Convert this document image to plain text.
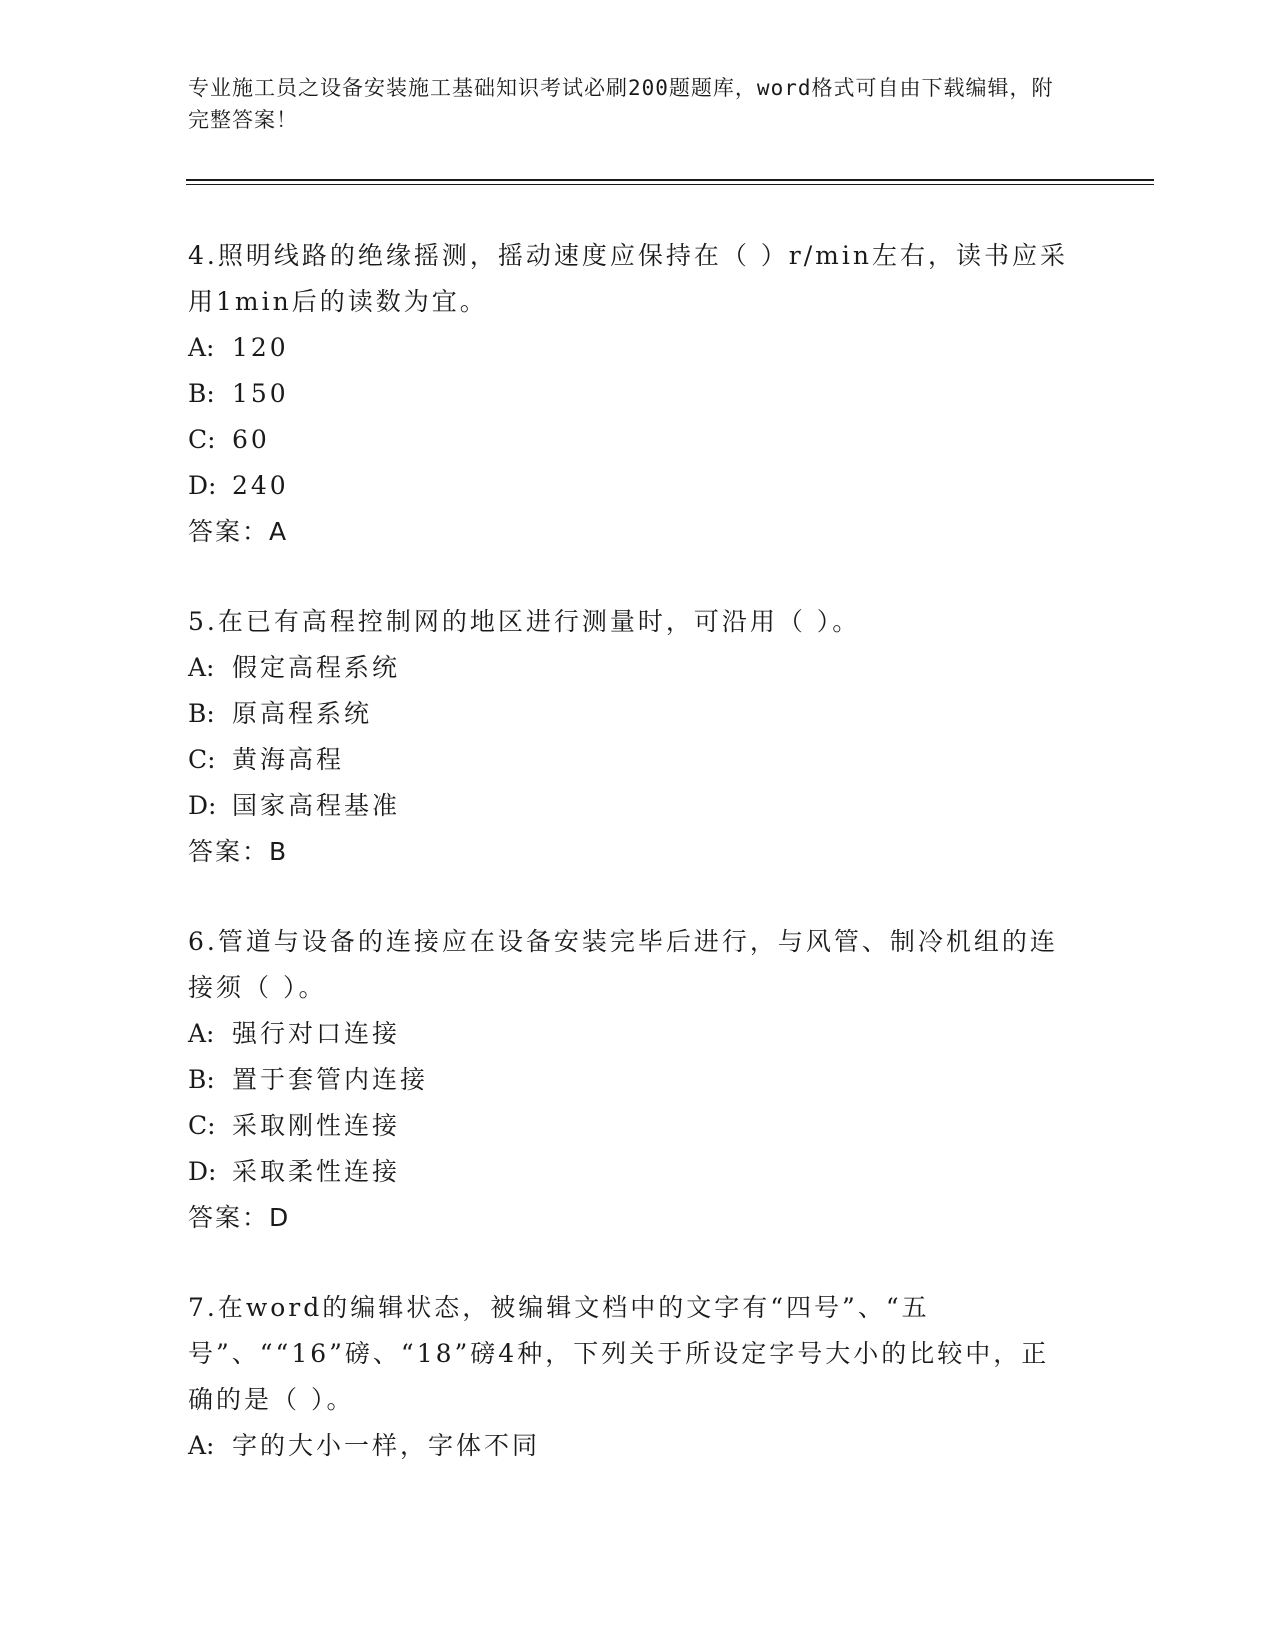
专业施工员之设备安装施工基础知识考试必刷200题题库，word格式可自由下载编辑，附完整答案！
4.照明线路的绝缘摇测，摇动速度应保持在（ ）r/min左右，读书应采用1min后的读数为宜。
A: 120
B: 150
C: 60
D: 240
答案：A
5.在已有高程控制网的地区进行测量时，可沿用（ ）。
A: 假定高程系统
B: 原高程系统
C: 黄海高程
D: 国家高程基准
答案：B
6.管道与设备的连接应在设备安装完毕后进行，与风管、制冷机组的连接须（ ）。
A: 强行对口连接
B: 置于套管内连接
C: 采取刚性连接
D: 采取柔性连接
答案：D
7.在word的编辑状态，被编辑文档中的文字有“四号”、“五号”、““16”磅、“18”磅4种，下列关于所设定字号大小的比较中，正确的是（ ）。
A: 字的大小一样，字体不同
